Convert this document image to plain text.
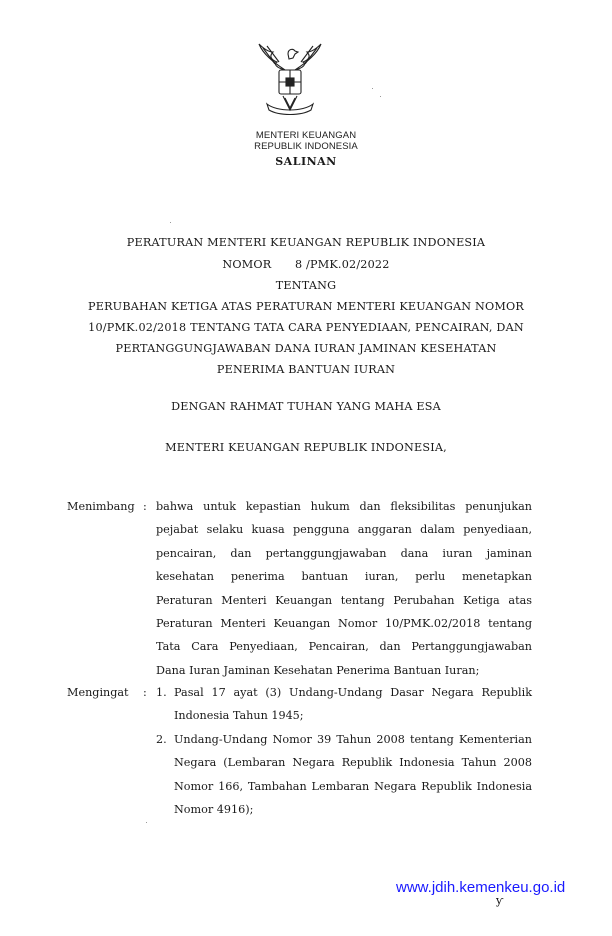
MENTERI KEUANGAN
REPUBLIK INDONESIA
SALINAN
PERATURAN MENTERI KEUANGAN REPUBLIK INDONESIA
NOMOR 8 /PMK.02/2022
TENTANG
PERUBAHAN KETIGA ATAS PERATURAN MENTERI KEUANGAN NOMOR
10/PMK.02/2018 TENTANG TATA CARA PENYEDIAAN, PENCAIRAN, DAN
PERTANGGUNGJAWABAN DANA IURAN JAMINAN KESEHATAN
PENERIMA BANTUAN IURAN
DENGAN RAHMAT TUHAN YANG MAHA ESA
MENTERI KEUANGAN REPUBLIK INDONESIA,
Menimbang : bahwa untuk kepastian hukum dan fleksibilitas penunjukan
pejabat selaku kuasa pengguna anggaran dalam penyediaan,
pencairan, dan pertanggungjawaban dana iuran jaminan
kesehatan penerima bantuan iuran, perlu menetapkan
Peraturan Menteri Keuangan tentang Perubahan Ketiga atas
Peraturan Menteri Keuangan Nomor 10/PMK.02/2018 tentang
Tata Cara Penyediaan, Pencairan, dan Pertanggungjawaban
Dana Iuran Jaminan Kesehatan Penerima Bantuan Iuran;
Mengingat : 1. Pasal 17 ayat (3) Undang-Undang Dasar Negara Republik
Indonesia Tahun 1945;
2. Undang-Undang Nomor 39 Tahun 2008 tentang Kementerian
Negara (Lembaran Negara Republik Indonesia Tahun 2008
Nomor 166, Tambahan Lembaran Negara Republik Indonesia
Nomor 4916);
www.jdih.kemenkeu.go.id
ƴ
